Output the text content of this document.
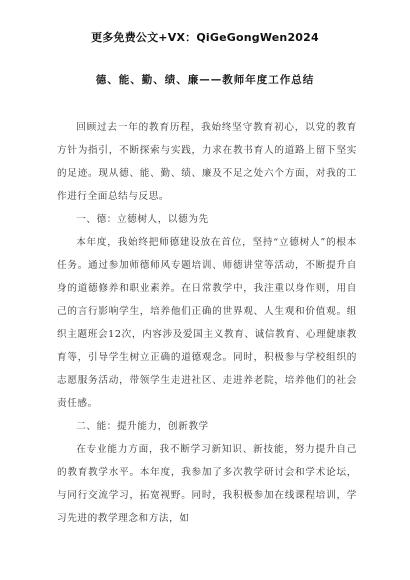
更多免费公文+VX：QiGeGongWen2024
德、能、勤、绩、廉——教师年度工作总结

回顾过去一年的教育历程，我始终坚守教育初心，以党的教育方针为指引，不断探索与实践，力求在教书育人的道路上留下坚实的足迹。现从德、能、勤、绩、廉及不足之处六个方面，对我的工作进行全面总结与反思。

一、德：立德树人，以德为先

本年度，我始终把师德建设放在首位，坚持“立德树人”的根本任务。通过参加师德师风专题培训、师德讲堂等活动，不断提升自身的道德修养和职业素养。在日常教学中，我注重以身作则，用自己的言行影响学生，培养他们正确的世界观、人生观和价值观。组织主题班会12次，内容涉及爱国主义教育、诚信教育、心理健康教育等，引导学生树立正确的道德观念。同时，积极参与学校组织的志愿服务活动，带领学生走进社区、走进养老院，培养他们的社会责任感。

二、能：提升能力，创新教学

在专业能力方面，我不断学习新知识、新技能，努力提升自己的教育教学水平。本年度，我参加了多次教学研讨会和学术论坛，与同行交流学习，拓宽视野。同时，我积极参加在线课程培训，学习先进的教学理念和方法，如
